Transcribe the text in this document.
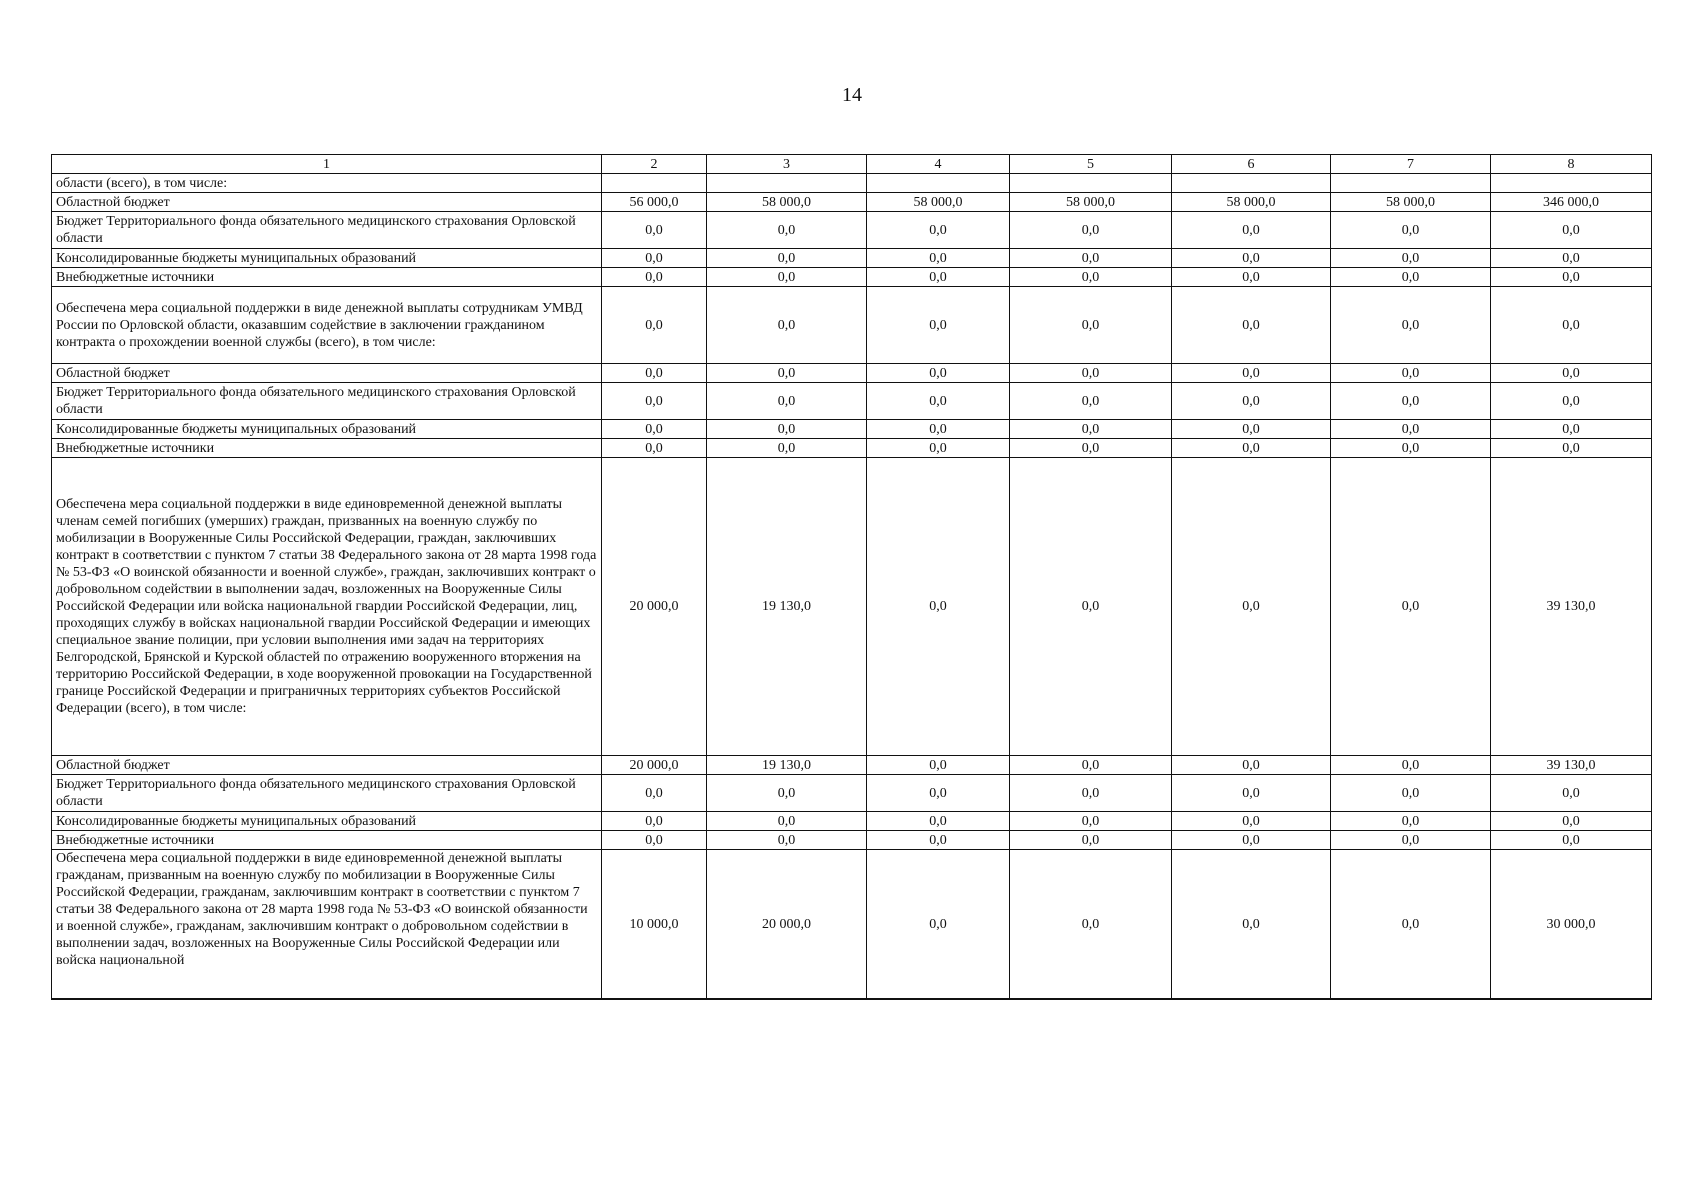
14
1	2	3	4	5	6	7	8
области (всего), в том числе:							
Областной бюджет	56 000,0	58 000,0	58 000,0	58 000,0	58 000,0	58 000,0	346 000,0
Бюджет Территориального фонда обязательного медицинского страхования Орловской области	0,0	0,0	0,0	0,0	0,0	0,0	0,0
Консолидированные бюджеты муниципальных образований	0,0	0,0	0,0	0,0	0,0	0,0	0,0
Внебюджетные источники	0,0	0,0	0,0	0,0	0,0	0,0	0,0
Обеспечена мера социальной поддержки в виде денежной выплаты сотрудникам УМВД России по Орловской области, оказавшим содействие в заключении гражданином контракта о прохождении военной службы (всего), в том числе:	0,0	0,0	0,0	0,0	0,0	0,0	0,0
Областной бюджет	0,0	0,0	0,0	0,0	0,0	0,0	0,0
Бюджет Территориального фонда обязательного медицинского страхования Орловской области	0,0	0,0	0,0	0,0	0,0	0,0	0,0
Консолидированные бюджеты муниципальных образований	0,0	0,0	0,0	0,0	0,0	0,0	0,0
Внебюджетные источники	0,0	0,0	0,0	0,0	0,0	0,0	0,0
Обеспечена мера социальной поддержки в виде единовременной денежной выплаты членам семей погибших (умерших) граждан, призванных на военную службу по мобилизации в Вооруженные Силы Российской Федерации, граждан, заключивших контракт в соответствии с пунктом 7 статьи 38 Федерального закона от 28 марта 1998 года № 53-ФЗ «О воинской обязанности и военной службе», граждан, заключивших контракт о добровольном содействии в выполнении задач, возложенных на Вооруженные Силы Российской Федерации или войска национальной гвардии Российской Федерации, лиц, проходящих службу в войсках национальной гвардии Российской Федерации и имеющих специальное звание полиции, при условии выполнения ими задач на территориях Белгородской, Брянской и Курской областей по отражению вооруженного вторжения на территорию Российской Федерации, в ходе вооруженной провокации на Государственной границе Российской Федерации и приграничных территориях субъектов Российской Федерации (всего), в том числе:	20 000,0	19 130,0	0,0	0,0	0,0	0,0	39 130,0
Областной бюджет	20 000,0	19 130,0	0,0	0,0	0,0	0,0	39 130,0
Бюджет Территориального фонда обязательного медицинского страхования Орловской области	0,0	0,0	0,0	0,0	0,0	0,0	0,0
Консолидированные бюджеты муниципальных образований	0,0	0,0	0,0	0,0	0,0	0,0	0,0
Внебюджетные источники	0,0	0,0	0,0	0,0	0,0	0,0	0,0
Обеспечена мера социальной поддержки в виде единовременной денежной выплаты гражданам, призванным на военную службу по мобилизации в Вооруженные Силы Российской Федерации, гражданам, заключившим контракт в соответствии с пунктом 7 статьи 38 Федерального закона от 28 марта 1998 года № 53-ФЗ «О воинской обязанности и военной службе», гражданам, заключившим контракт о добровольном содействии в выполнении задач, возложенных на Вооруженные Силы Российской Федерации или войска национальной	10 000,0	20 000,0	0,0	0,0	0,0	0,0	30 000,0
